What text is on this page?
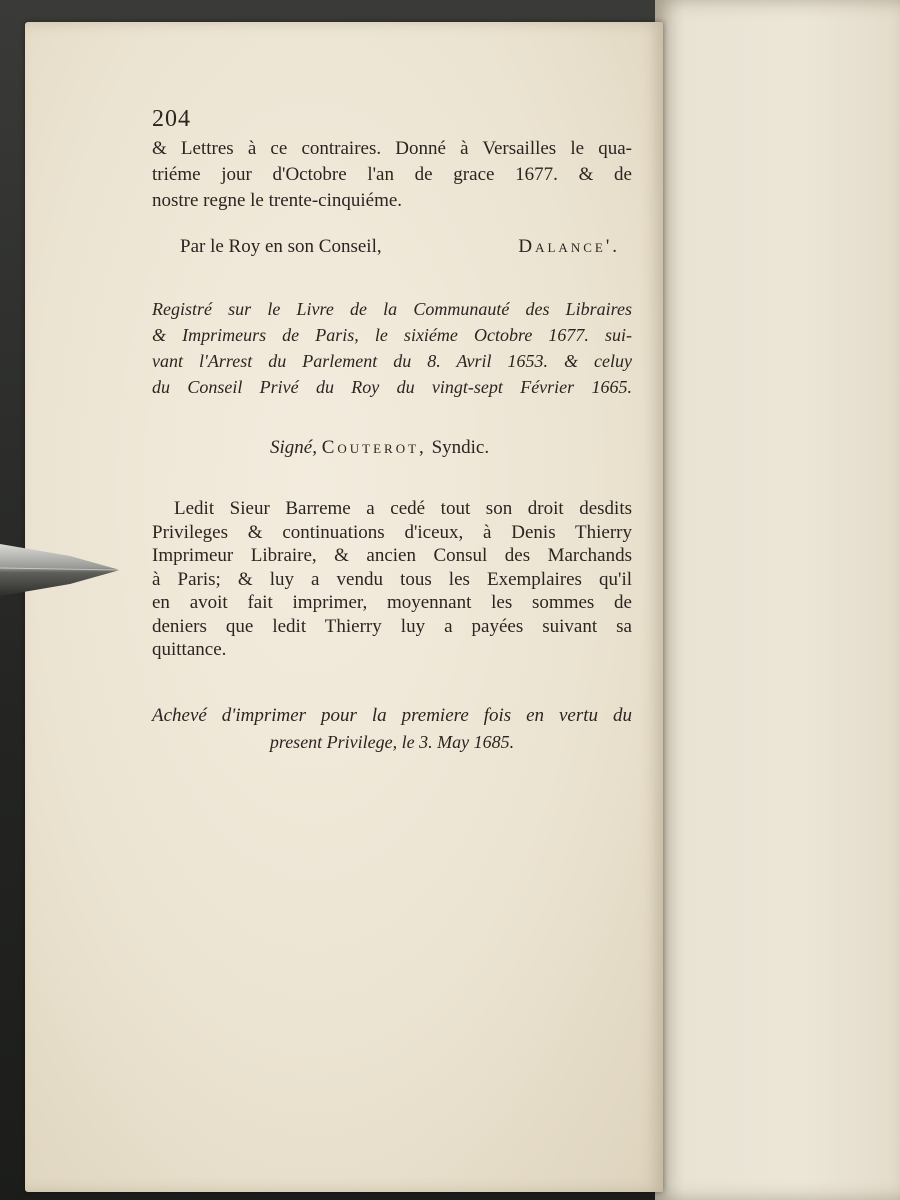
204
& Lettres à ce contraires. Donné à Versailles le qua-
triéme jour d'Octobre l'an de grace 1677. & de
nostre regne le trente-cinquiéme.
Par le Roy en son Conseil,	Dalance'.
Registré sur le Livre de la Communauté des Libraires
& Imprimeurs de Paris, le sixiéme Octobre 1677. sui-
vant l'Arrest du Parlement du 8. Avril 1653. & celuy
du Conseil Privé du Roy du vingt-sept Février 1665.
Signé, Couterot, Syndic.
Ledit Sieur Barreme a cedé tout son droit desdits
Privileges & continuations d'iceux, à Denis Thierry
Imprimeur Libraire, & ancien Consul des Marchands
à Paris; & luy a vendu tous les Exemplaires qu'il
en avoit fait imprimer, moyennant les sommes de
deniers que ledit Thierry luy a payées suivant sa
quittance.
Achevé d'imprimer pour la premiere fois en vertu du
present Privilege, le 3. May 1685.
